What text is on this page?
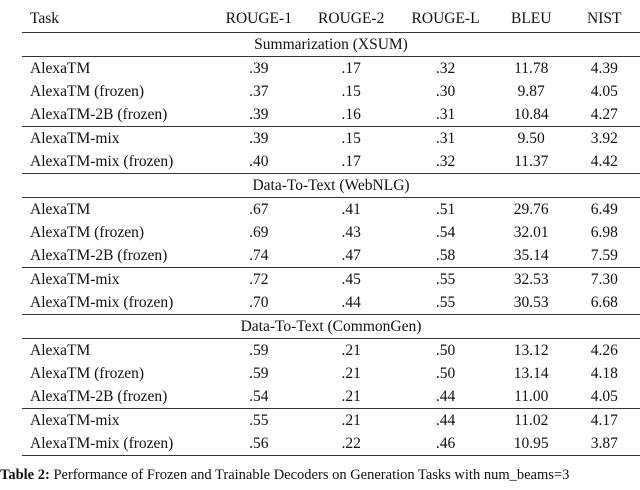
Task	ROUGE-1	ROUGE-2	ROUGE-L	BLEU	NIST
Summarization (XSUM)					
AlexaTM	.39	.17	.32	11.78	4.39
AlexaTM (frozen)	.37	.15	.30	9.87	4.05
AlexaTM-2B (frozen)	.39	.16	.31	10.84	4.27
AlexaTM-mix	.39	.15	.31	9.50	3.92
AlexaTM-mix (frozen)	.40	.17	.32	11.37	4.42
Data-To-Text (WebNLG)					
AlexaTM	.67	.41	.51	29.76	6.49
AlexaTM (frozen)	.69	.43	.54	32.01	6.98
AlexaTM-2B (frozen)	.74	.47	.58	35.14	7.59
AlexaTM-mix	.72	.45	.55	32.53	7.30
AlexaTM-mix (frozen)	.70	.44	.55	30.53	6.68
Data-To-Text (CommonGen)					
AlexaTM	.59	.21	.50	13.12	4.26
AlexaTM (frozen)	.59	.21	.50	13.14	4.18
AlexaTM-2B (frozen)	.54	.21	.44	11.00	4.05
AlexaTM-mix	.55	.21	.44	11.02	4.17
AlexaTM-mix (frozen)	.56	.22	.46	10.95	3.87
Table 2: Performance of Frozen and Trainable Decoders on Generation Tasks with num_beams=3
